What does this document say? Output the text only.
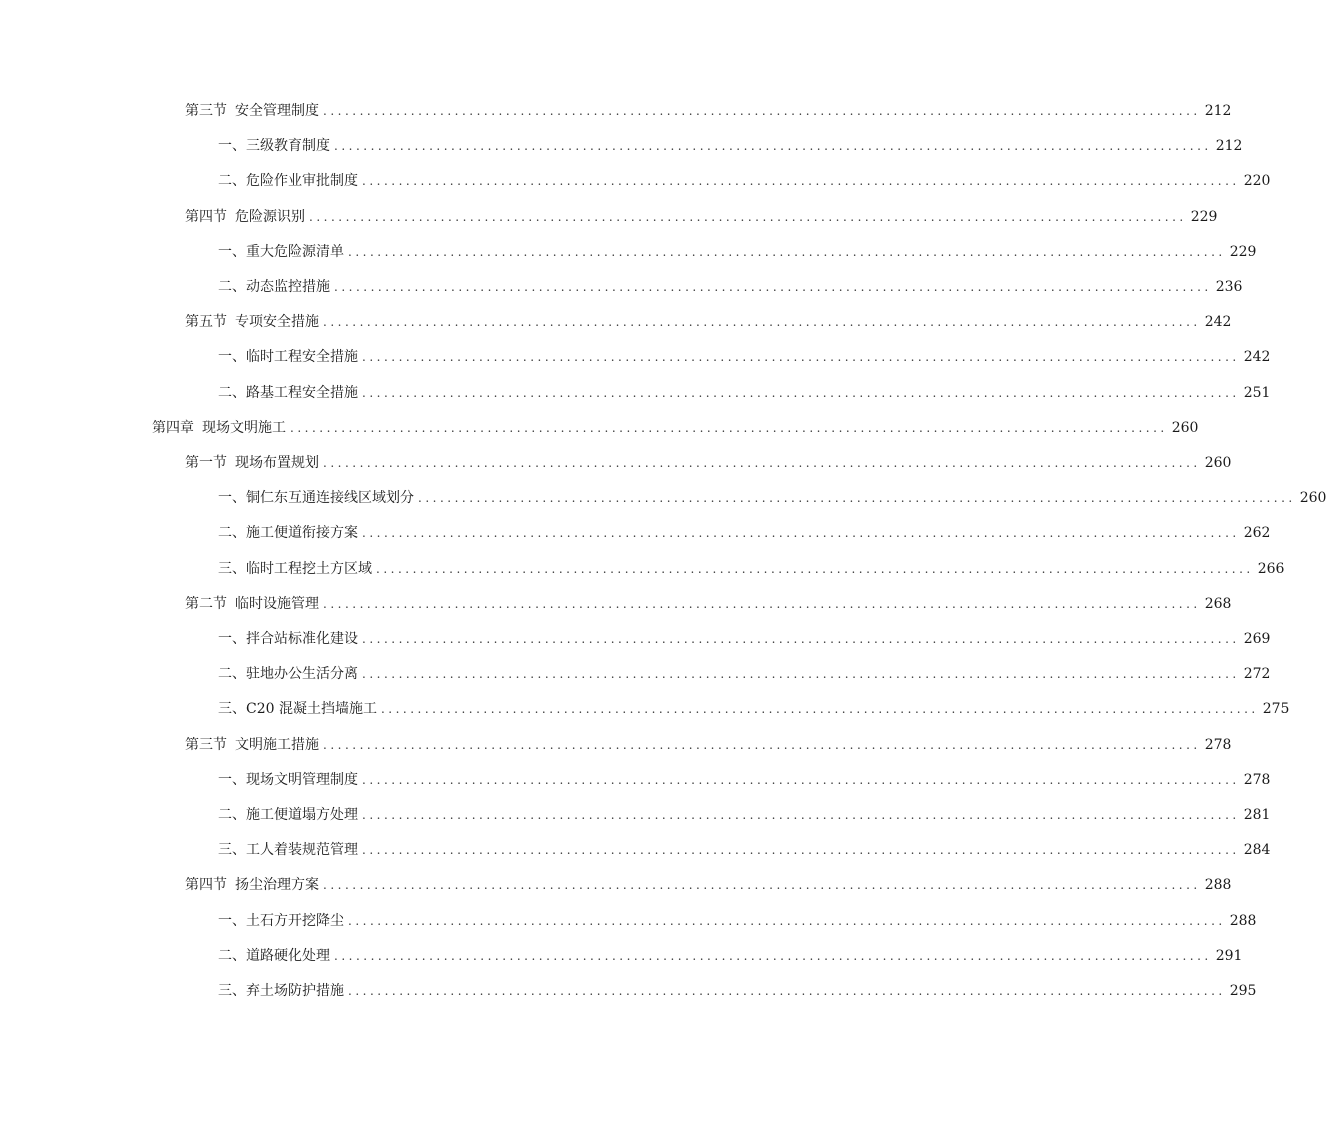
第三节 安全管理制度 ........................................................................................................................ 212
一、 三级教育制度 ........................................................................................................................ 212
二、 危险作业审批制度 ........................................................................................................................ 220
第四节 危险源识别 ........................................................................................................................ 229
一、 重大危险源清单 ........................................................................................................................ 229
二、 动态监控措施 ........................................................................................................................ 236
第五节 专项安全措施 ........................................................................................................................ 242
一、 临时工程安全措施 ........................................................................................................................ 242
二、 路基工程安全措施 ........................................................................................................................ 251
第四章 现场文明施工 ........................................................................................................................ 260
第一节 现场布置规划 ........................................................................................................................ 260
一、 铜仁东互通连接线区域划分 ........................................................................................................................ 260
二、 施工便道衔接方案 ........................................................................................................................ 262
三、 临时工程挖土方区域 ........................................................................................................................ 266
第二节 临时设施管理 ........................................................................................................................ 268
一、 拌合站标准化建设 ........................................................................................................................ 269
二、 驻地办公生活分离 ........................................................................................................................ 272
三、 C20 混凝土挡墙施工 ........................................................................................................................ 275
第三节 文明施工措施 ........................................................................................................................ 278
一、 现场文明管理制度 ........................................................................................................................ 278
二、 施工便道塌方处理 ........................................................................................................................ 281
三、 工人着装规范管理 ........................................................................................................................ 284
第四节 扬尘治理方案 ........................................................................................................................ 288
一、 土石方开挖降尘 ........................................................................................................................ 288
二、 道路硬化处理 ........................................................................................................................ 291
三、 弃土场防护措施 ........................................................................................................................ 295
